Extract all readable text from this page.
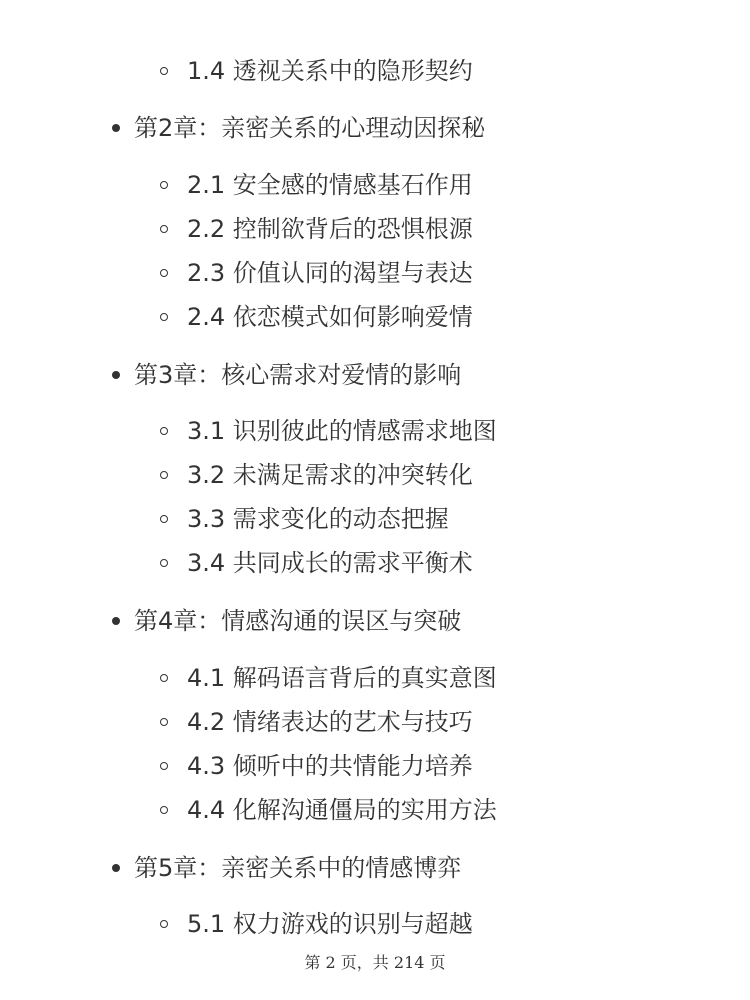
1.4 透视关系中的隐形契约
第2章：亲密关系的心理动因探秘
2.1 安全感的情感基石作用
2.2 控制欲背后的恐惧根源
2.3 价值认同的渴望与表达
2.4 依恋模式如何影响爱情
第3章：核心需求对爱情的影响
3.1 识别彼此的情感需求地图
3.2 未满足需求的冲突转化
3.3 需求变化的动态把握
3.4 共同成长的需求平衡术
第4章：情感沟通的误区与突破
4.1 解码语言背后的真实意图
4.2 情绪表达的艺术与技巧
4.3 倾听中的共情能力培养
4.4 化解沟通僵局的实用方法
第5章：亲密关系中的情感博弈
5.1 权力游戏的识别与超越
第 2 页，共 214 页
